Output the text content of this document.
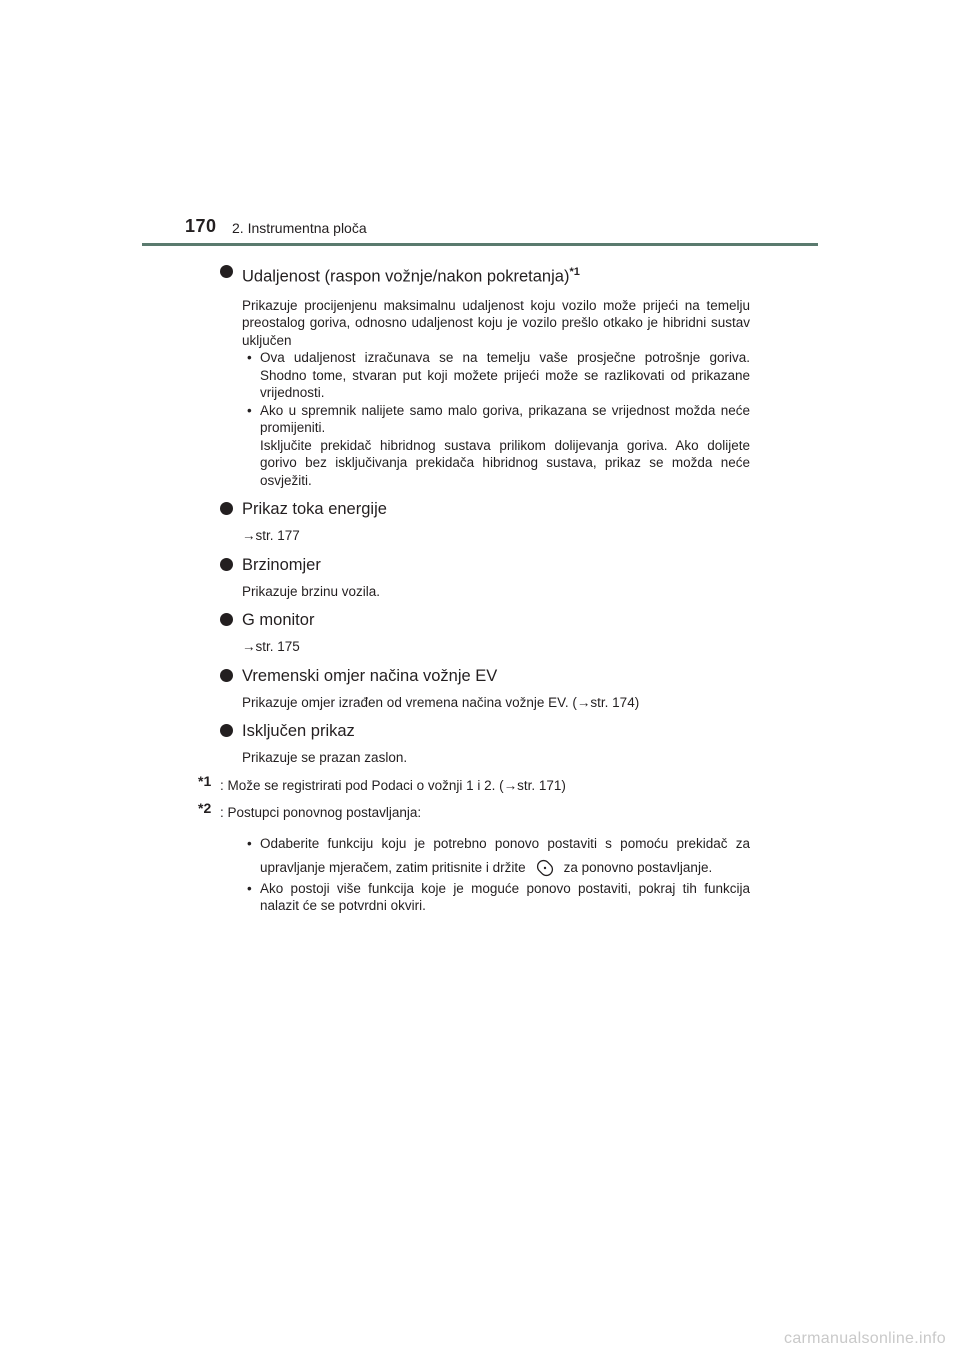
170 2. Instrumentna ploča
Udaljenost (raspon vožnje/nakon pokretanja)$^{*1}$
Prikazuje procijenjenu maksimalnu udaljenost koju vozilo može prijeći na temelju preostalog goriva, odnosno udaljenost koju je vozilo prešlo otkako je hibridni sustav uključen
• Ova udaljenost izračunava se na temelju vaše prosječne potrošnje goriva. Shodno tome, stvaran put koji možete prijeći može se razlikovati od prikazane vrijednosti.
• Ako u spremnik nalijete samo malo goriva, prikazana se vrijednost možda neće promijeniti.
Isključite prekidač hibridnog sustava prilikom dolijevanja goriva. Ako dolijete gorivo bez isključivanja prekidača hibridnog sustava, prikaz se možda neće osvježiti.
Prikaz toka energije
→str. 177
Brzinomjer
Prikazuje brzinu vozila.
G monitor
→str. 175
Vremenski omjer načina vožnje EV
Prikazuje omjer izrađen od vremena načina vožnje EV. (→str. 174)
Isključen prikaz
Prikazuje se prazan zaslon.
*1 : Može se registrirati pod Podaci o vožnji 1 i 2. (→str. 171)
*2 : Postupci ponovnog postavljanja:
• Odaberite funkciju koju je potrebno ponovo postaviti s pomoću prekidač za upravljanje mjeračem, zatim pritisnite i držite	za ponovno postavljanje.
• Ako postoji više funkcija koje je moguće ponovo postaviti, pokraj tih funkcija nalazit će se potvrdni okviri.
carmanualsonline.info
